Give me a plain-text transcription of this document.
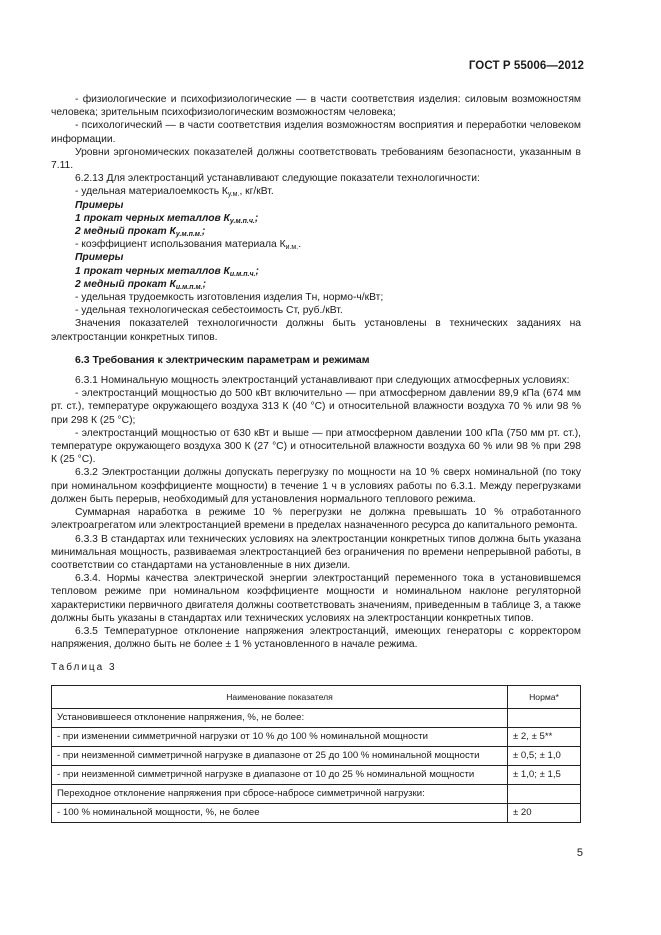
ГОСТ Р 55006—2012

- физиологические и психофизиологические — в части соответствия изделия: силовым возможностям человека; зрительным психофизиологическим возможностям человека;

- психологический — в части соответствия изделия возможностям восприятия и переработки человеком информации.

Уровни эргономических показателей должны соответствовать требованиям безопасности, указанным в 7.11.

6.2.13 Для электростанций устанавливают следующие показатели технологичности:

- удельная материалоемкость $К_{у.м.}$, кг/кВт.

Примеры

1 прокат черных металлов $К_{у.м.п.ч.}$;

2 медный прокат $К_{у.м.п.м.}$;

- коэффициент использования материала $К_{и.м.}$.

Примеры

1 прокат черных металлов $К_{и.м.п.ч.}$;

2 медный прокат $К_{и.м.п.м.}$;

- удельная трудоемкость изготовления изделия Тн, нормо-ч/кВт;

- удельная технологическая себестоимость Ст, руб./кВт.

Значения показателей технологичности должны быть установлены в технических заданиях на электростанции конкретных типов.

6.3 Требования к электрическим параметрам и режимам

6.3.1 Номинальную мощность электростанций устанавливают при следующих атмосферных условиях:

- электростанций мощностью до 500 кВт включительно — при атмосферном давлении 89,9 кПа (674 мм рт. ст.), температуре окружающего воздуха 313 К (40 °С) и относительной влажности воздуха 70 % или 98 % при 298 К (25 °С);

- электростанций мощностью от 630 кВт и выше — при атмосферном давлении 100 кПа (750 мм рт. ст.), температуре окружающего воздуха 300 К (27 °С) и относительной влажности воздуха 60 % или 98 % при 298 К (25 °С).

6.3.2 Электростанции должны допускать перегрузку по мощности на 10 % сверх номинальной (по току при номинальном коэффициенте мощности) в течение 1 ч в условиях работы по 6.3.1. Между перегрузками должен быть перерыв, необходимый для установления нормального теплового режима.

Суммарная наработка в режиме 10 % перегрузки не должна превышать 10 % отработанного электроагрегатом или электростанцией времени в пределах назначенного ресурса до капитального ремонта.

6.3.3 В стандартах или технических условиях на электростанции конкретных типов должна быть указана минимальная мощность, развиваемая электростанцией без ограничения по времени непрерывной работы, в соответствии со стандартами на установленные в них дизели.

6.3.4. Нормы качества электрической энергии электростанций переменного тока в установившемся тепловом режиме при номинальном коэффициенте мощности и номинальном наклоне регуляторной характеристики первичного двигателя должны соответствовать значениям, приведенным в таблице 3, а также должны быть указаны в стандартах или технических условиях на электростанции конкретных типов.

6.3.5 Температурное отклонение напряжения электростанций, имеющих генераторы с корректором напряжения, должно быть не более ± 1 % установленного в начале режима.

Таблица 3
Наименование показателя	Норма*
Установившееся отклонение напряжения, %, не более:	
- при изменении симметричной нагрузки от 10 % до 100 % номинальной мощности	± 2, ± 5**
- при неизменной симметричной нагрузке в диапазоне от 25 до 100 % номинальной мощности	± 0,5; ± 1,0
- при неизменной симметричной нагрузке в диапазоне от 10 до 25 % номинальной мощности	± 1,0; ± 1,5
Переходное отклонение напряжения при сбросе-набросе симметричной нагрузки:	
- 100 % номинальной мощности, %, не более	± 20
5
